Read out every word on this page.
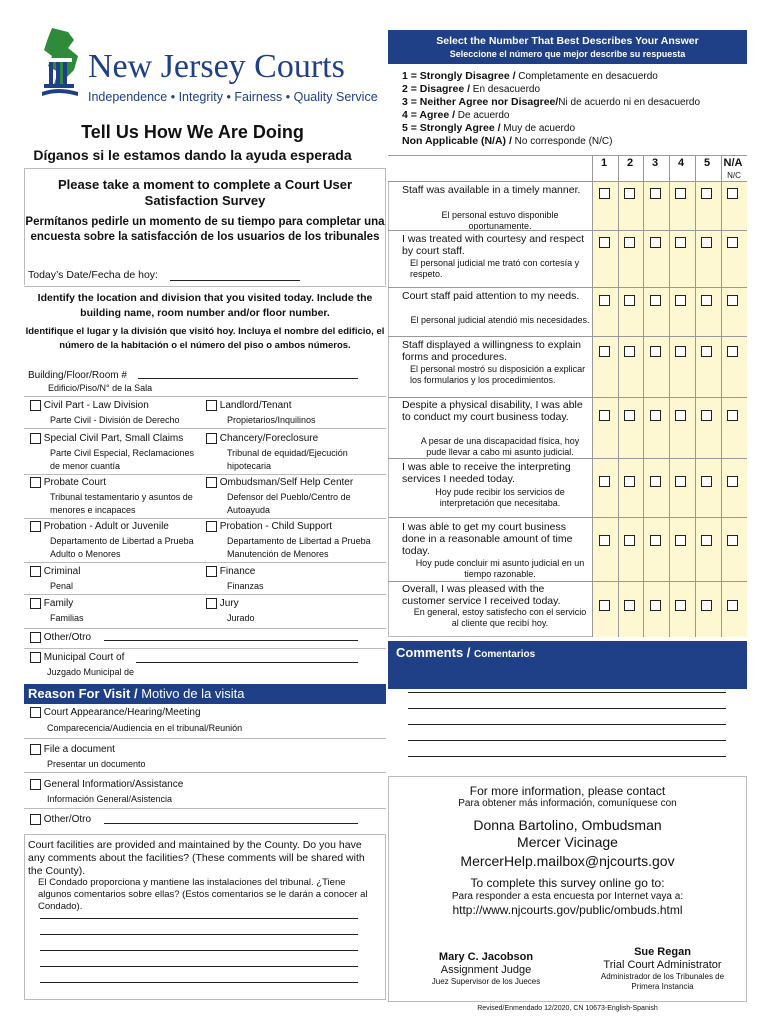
New Jersey Courts
Independence • Integrity • Fairness • Quality Service
Tell Us How We Are Doing
Díganos si le estamos dando la ayuda esperada
Please take a moment to complete a Court User Satisfaction Survey
Permítanos pedirle un momento de su tiempo para completar una encuesta sobre la satisfacción de los usuarios de los tribunales
Today’s Date/Fecha de hoy:
Identify the location and division that you visited today. Include the building name, room number and/or floor number.
Identifique el lugar y la división que visitó hoy. Incluya el nombre del edificio, el número de la habitación o el número del piso o ambos números.
Building/Floor/Room #
Edificio/Piso/N° de la Sala
Civil Part - Law Division
Parte Civil - División de Derecho
Landlord/Tenant
Propietarios/Inquilinos
Special Civil Part, Small Claims
Parte Civil Especial, Reclamaciones de menor cuantía
Chancery/Foreclosure
Tribunal de equidad/Ejecución hipotecaria
Probate Court
Tribunal testamentario y asuntos de menores e incapaces
Ombudsman/Self Help Center
Defensor del Pueblo/Centro de Autoayuda
Probation - Adult or Juvenile
Departamento de Libertad a Prueba Adulto o Menores
Probation - Child Support
Departamento de Libertad a Prueba Manutención de Menores
Criminal
Penal
Finance
Finanzas
Family
Familias
Jury
Jurado
Other/Otro
Municipal Court of
Juzgado Municipal de
Reason For Visit / Motivo de la visita
Court Appearance/Hearing/Meeting
Comparecencia/Audiencia en el tribunal/Reunión
File a document
Presentar un documento
General Information/Assistance
Información General/Asistencia
Other/Otro
Court facilities are provided and maintained by the County. Do you have any comments about the facilities? (These comments will be shared with the County).
El Condado proporciona y mantiene las instalaciones del tribunal. ¿Tiene algunos comentarios sobre ellas? (Estos comentarios se le darán a conocer al Condado).
Select the Number That Best Describes Your Answer
Seleccione el número que mejor describe su respuesta
1 = Strongly Disagree / Completamente en desacuerdo
2 = Disagree / En desacuerdo
3 = Neither Agree nor Disagree/Ni de acuerdo ni en desacuerdo
4 = Agree / De acuerdo
5 = Strongly Agree / Muy de acuerdo
Non Applicable (N/A) / No corresponde (N/C)
1	2	3	4	5	N/A
N/C
Staff was available in a timely manner.
El personal estuvo disponible oportunamente.
I was treated with courtesy and respect by court staff.
El personal judicial me trató con cortesía y respeto.
Court staff paid attention to my needs.
El personal judicial atendió mis necesidades.
Staff displayed a willingness to explain forms and procedures.
El personal mostró su disposición a explicar los formularios y los procedimientos.
Despite a physical disability, I was able to conduct my court business today.
A pesar de una discapacidad física, hoy pude llevar a cabo mi asunto judicial.
I was able to receive the interpreting services I needed today.
Hoy pude recibir los servicios de interpretación que necesitaba.
I was able to get my court business done in a reasonable amount of time today.
Hoy pude concluir mi asunto judicial en un tiempo razonable.
Overall, I was pleased with the customer service I received today.
En general, estoy satisfecho con el servicio al cliente que recibí hoy.
Comments / Comentarios
For more information, please contact
Para obtener más información, comuníquese con
Donna Bartolino, Ombudsman
Mercer Vicinage
MercerHelp.mailbox@njcourts.gov
To complete this survey online go to:
Para responder a esta encuesta por Internet vaya a:
http://www.njcourts.gov/public/ombuds.html
Mary C. Jacobson
Assignment Judge
Juez Supervisor de los Jueces
Sue Regan
Trial Court Administrator
Administrador de los Tribunales de Primera Instancia
Revised/Enmendado 12/2020, CN 10673-English-Spanish
